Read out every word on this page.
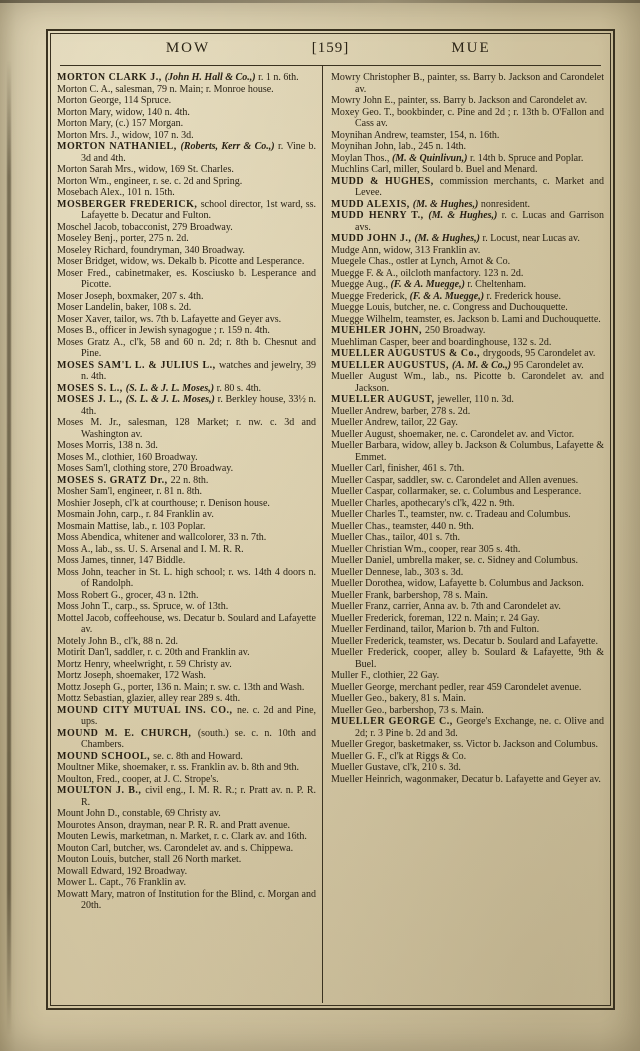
MOW	[159]	MUE

MORTON CLARK J., (John H. Hall & Co.,) r. 1 n. 6th.

Morton C. A., salesman, 79 n. Main; r. Monroe house.

Morton George, 114 Spruce.

Morton Mary, widow, 140 n. 4th.

Morton Mary, (c.) 157 Morgan.

Morton Mrs. J., widow, 107 n. 3d.

MORTON NATHANIEL, (Roberts, Kerr & Co.,) r. Vine b. 3d and 4th.

Morton Sarah Mrs., widow, 169 St. Charles.

Morton Wm., engineer, r. se. c. 2d and Spring.

Mosebach Alex., 101 n. 15th.

MOSBERGER FREDERICK, school director, 1st ward, ss. Lafayette b. Decatur and Fulton.

Moschel Jacob, tobacconist, 279 Broadway.

Moseley Benj., porter, 275 n. 2d.

Moseley Richard, foundryman, 340 Broadway.

Moser Bridget, widow, ws. Dekalb b. Picotte and Lesperance.

Moser Fred., cabinetmaker, es. Kosciusko b. Lesperance and Picotte.

Moser Joseph, boxmaker, 207 s. 4th.

Moser Landelin, baker, 108 s. 2d.

Moser Xaver, tailor, ws. 7th b. Lafayette and Geyer avs.

Moses B., officer in Jewish synagogue ; r. 159 n. 4th.

Moses Gratz A., cl'k, 58 and 60 n. 2d; r. 8th b. Chesnut and Pine.

MOSES SAM'L L. & JULIUS L., watches and jewelry, 39 n. 4th.

MOSES S. L., (S. L. & J. L. Moses,) r. 80 s. 4th.

MOSES J. L., (S. L. & J. L. Moses,) r. Berkley house, 33½ n. 4th.

Moses M. Jr., salesman, 128 Market; r. nw. c. 3d and Washington av.

Moses Morris, 138 n. 3d.

Moses M., clothier, 160 Broadway.

Moses Sam'l, clothing store, 270 Broadway.

MOSES S. GRATZ Dr., 22 n. 8th.

Mosher Sam'l, engineer, r. 81 n. 8th.

Moshier Joseph, cl'k at courthouse; r. Denison house.

Mosmain John, carp., r. 84 Franklin av.

Mosmain Mattise, lab., r. 103 Poplar.

Moss Abendica, whitener and wallcolorer, 33 n. 7th.

Moss A., lab., ss. U. S. Arsenal and I. M. R. R.

Moss James, tinner, 147 Biddle.

Moss John, teacher in St. L. high school; r. ws. 14th 4 doors n. of Randolph.

Moss Robert G., grocer, 43 n. 12th.

Moss John T., carp., ss. Spruce, w. of 13th.

Mottel Jacob, coffeehouse, ws. Decatur b. Soulard and Lafayette av.

Motely John B., cl'k, 88 n. 2d.

Motirit Dan'l, saddler, r. c. 20th and Franklin av.

Mortz Henry, wheelwright, r. 59 Christy av.

Mortz Joseph, shoemaker, 172 Wash.

Mottz Joseph G., porter, 136 n. Main; r. sw. c. 13th and Wash.

Mottz Sebastian, glazier, alley rear 289 s. 4th.

MOUND CITY MUTUAL INS. CO., ne. c. 2d and Pine, ups.

MOUND M. E. CHURCH, (south.) se. c. n. 10th and Chambers.

MOUND SCHOOL, se. c. 8th and Howard.

Moultner Mike, shoemaker, r. ss. Franklin av. b. 8th and 9th.

Moulton, Fred., cooper, at J. C. Strope's.

MOULTON J. B., civil eng., I. M. R. R.; r. Pratt av. n. P. R. R.

Mount John D., constable, 69 Christy av.

Mourotes Anson, drayman, near P. R. R. and Pratt avenue.

Mouten Lewis, marketman, n. Market, r. c. Clark av. and 16th.

Mouton Carl, butcher, ws. Carondelet av. and s. Chippewa.

Mouton Louis, butcher, stall 26 North market.

Mowall Edward, 192 Broadway.

Mower L. Capt., 76 Franklin av.

Mowatt Mary, matron of Institution for the Blind, c. Morgan and 20th.

Mowry Christopher B., painter, ss. Barry b. Jackson and Carondelet av.

Mowry John E., painter, ss. Barry b. Jackson and Carondelet av.

Moxey Geo. T., bookbinder, c. Pine and 2d ; r. 13th b. O'Fallon and Cass av.

Moynihan Andrew, teamster, 154, n. 16th.

Moynihan John, lab., 245 n. 14th.

Moylan Thos., (M. & Quinlivun,) r. 14th b. Spruce and Poplar.

Muchlins Carl, miller, Soulard b. Buel and Menard.

MUDD & HUGHES, commission merchants, c. Market and Levee.

MUDD ALEXIS, (M. & Hughes,) nonresident.

MUDD HENRY T., (M. & Hughes,) r. c. Lucas and Garrison avs.

MUDD JOHN J., (M. & Hughes,) r. Locust, near Lucas av.

Mudge Ann, widow, 313 Franklin av.

Muegele Chas., ostler at Lynch, Arnot & Co.

Muegge F. & A., oilcloth manfactory. 123 n. 2d.

Muegge Aug., (F. & A. Muegge,) r. Cheltenham.

Muegge Frederick, (F. & A. Muegge,) r. Frederick house.

Muegge Louis, butcher, ne. c. Congress and Duchouquette.

Muegge Wilhelm, teamster, es. Jackson b. Lami and Duchouquette.

MUEHLER JOHN, 250 Broadway.

Muehliman Casper, beer and boardinghouse, 132 s. 2d.

MUELLER AUGUSTUS & Co., drygoods, 95 Carondelet av.

MUELLER AUGUSTUS, (A. M. & Co.,) 95 Carondelet av.

Mueller August Wm., lab., ns. Picotte b. Carondelet av. and Jackson.

MUELLER AUGUST, jeweller, 110 n. 3d.

Mueller Andrew, barber, 278 s. 2d.

Mueller Andrew, tailor, 22 Gay.

Mueller August, shoemaker, ne. c. Carondelet av. and Victor.

Mueller Barbara, widow, alley b. Jackson & Columbus, Lafayette & Emmet.

Mueller Carl, finisher, 461 s. 7th.

Mueller Caspar, saddler, sw. c. Carondelet and Allen avenues.

Mueller Caspar, collarmaker, se. c. Columbus and Lesperance.

Mueller Charles, apothecary's cl'k, 422 n. 9th.

Mueller Charles T., teamster, nw. c. Tradeau and Columbus.

Mueller Chas., teamster, 440 n. 9th.

Mueller Chas., tailor, 401 s. 7th.

Mueller Christian Wm., cooper, rear 305 s. 4th.

Mueller Daniel, umbrella maker, se. c. Sidney and Columbus.

Mueller Dennese, lab., 303 s. 3d.

Mueller Dorothea, widow, Lafayette b. Columbus and Jackson.

Mueller Frank, barbershop, 78 s. Main.

Mueller Franz, carrier, Anna av. b. 7th and Carondelet av.

Mueller Frederick, foreman, 122 n. Main; r. 24 Gay.

Mueller Ferdinand, tailor, Marion b. 7th and Fulton.

Mueller Frederick, teamster, ws. Decatur b. Soulard and Lafayette.

Mueller Frederick, cooper, alley b. Soulard & Lafayette, 9th & Buel.

Muller F., clothier, 22 Gay.

Mueller George, merchant pedler, rear 459 Carondelet avenue.

Mueller Geo., bakery, 81 s. Main.

Mueller Geo., barbershop, 73 s. Main.

MUELLER GEORGE C., George's Exchange, ne. c. Olive and 2d; r. 3 Pine b. 2d and 3d.

Mueller Gregor, basketmaker, ss. Victor b. Jackson and Columbus.

Mueller G. F., cl'k at Riggs & Co.

Mueller Gustave, cl'k, 210 s. 3d.

Mueller Heinrich, wagonmaker, Decatur b. Lafayette and Geyer av.
